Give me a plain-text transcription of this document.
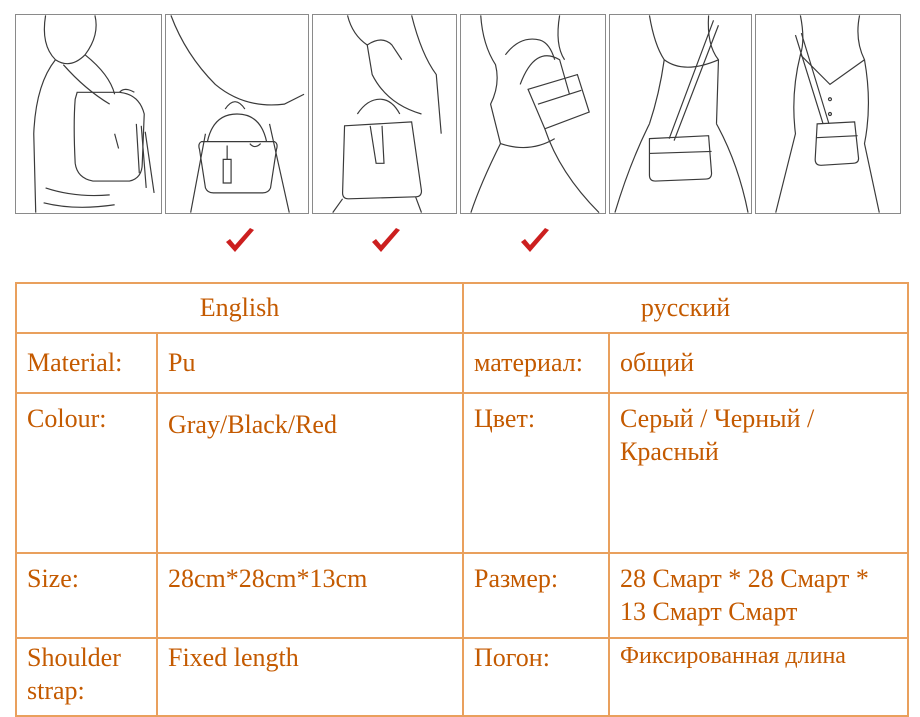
English		русский	
Material:	Pu	материал:	общий
Colour:	Gray/Black/Red	Цвет:	Серый / Черный / Красный
Size:	28cm*28cm*13cm	Размер:	28 Смарт * 28 Смарт * 13 Смарт Смарт
Shoulder strap:	Fixed length	Погон:	Фиксированная длина
